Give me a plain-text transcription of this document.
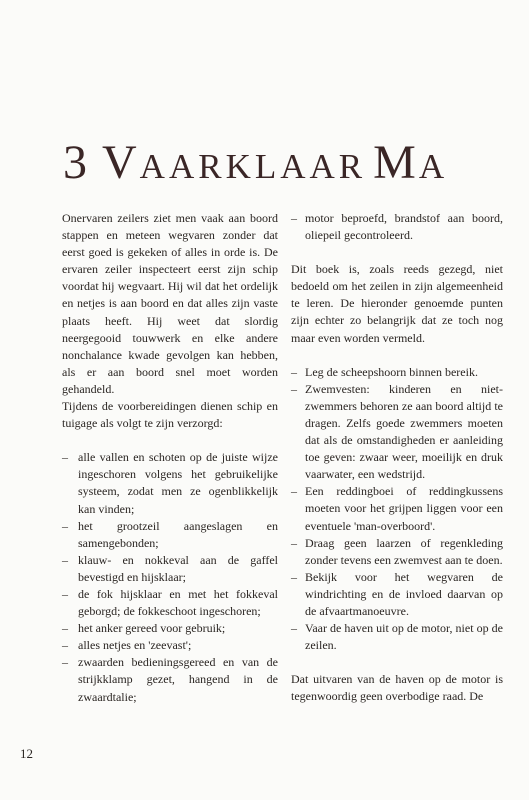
3 VAARKLAAR MA

Onervaren zeilers ziet men vaak aan boord stappen en meteen wegvaren zonder dat eerst goed is gekeken of alles in orde is. De ervaren zeiler inspecteert eerst zijn schip voordat hij wegvaart. Hij wil dat het ordelijk en netjes is aan boord en dat alles zijn vaste plaats heeft. Hij weet dat slordig neergegooid touwwerk en elke andere nonchalance kwade gevolgen kan hebben, als er aan boord snel moet worden gehandeld.

Tijdens de voorbereidingen dienen schip en tuigage als volgt te zijn verzorgd:

– alle vallen en schoten op de juiste wijze ingeschoren volgens het gebruikelijke systeem, zodat men ze ogenblikkelijk kan vinden;
– het grootzeil aangeslagen en samengebonden;
– klauw- en nokkeval aan de gaffel bevestigd en hijsklaar;
– de fok hijsklaar en met het fokkeval geborgd; de fokkeschoot ingeschoren;
– het anker gereed voor gebruik;
– alles netjes en 'zeevast';
– zwaarden bedieningsgereed en van de strijkklamp gezet, hangend in de zwaardtalie;
– motor beproefd, brandstof aan boord, oliepeil gecontroleerd.

Dit boek is, zoals reeds gezegd, niet bedoeld om het zeilen in zijn algemeenheid te leren. De hieronder genoemde punten zijn echter zo belangrijk dat ze toch nog maar even worden vermeld.

– Leg de scheepshoorn binnen bereik.
– Zwemvesten: kinderen en niet-zwemmers behoren ze aan boord altijd te dragen. Zelfs goede zwemmers moeten dat als de omstandigheden er aanleiding toe geven: zwaar weer, moeilijk en druk vaarwater, een wedstrijd.
– Een reddingboei of reddingkussens moeten voor het grijpen liggen voor een eventuele 'man-overboord'.
– Draag geen laarzen of regenkleding zonder tevens een zwemvest aan te doen.
– Bekijk voor het wegvaren de windrichting en de invloed daarvan op de afvaartmanoeuvre.
– Vaar de haven uit op de motor, niet op de zeilen.

Dat uitvaren van de haven op de motor is tegenwoordig geen overbodige raad. De

12
